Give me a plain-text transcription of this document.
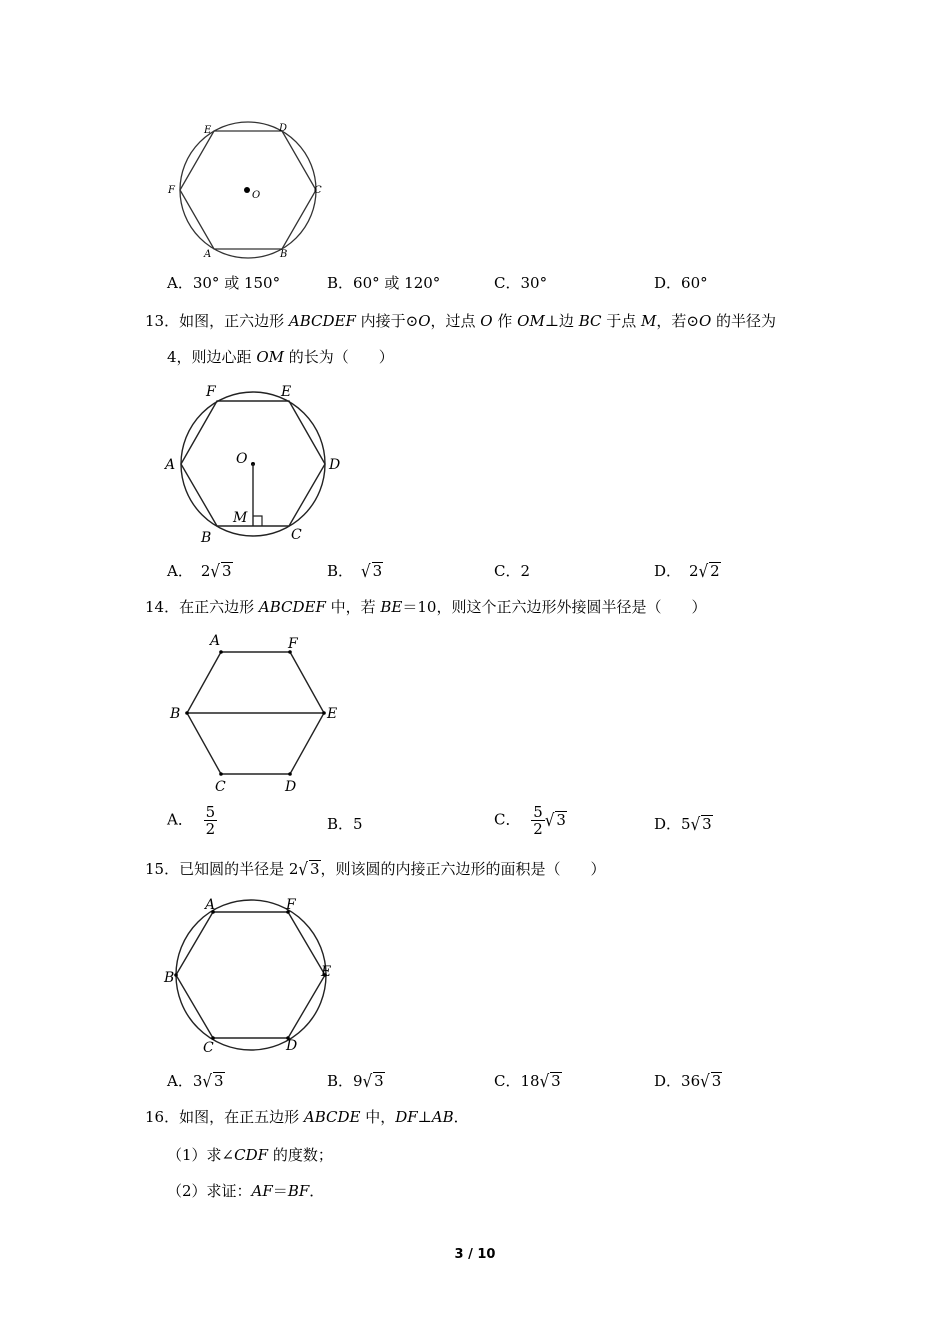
E	D
F	C
A	B
O
A．30° 或 150°	B．60° 或 120°	C．30°	D．60°
13．如图，正六边形 ABCDEF 内接于⊙O，过点 O 作 OM⊥边 BC 于点 M，若⊙O 的半径为
4，则边心距 OM 的长为（　　）
F	E
A	D
O
M
B	C
A． 2√ 3	B． √ 3	C．2	D． 2√ 2
14．在正六边形 ABCDEF 中，若 BE＝10，则这个正六边形外接圆半径是（　　）
A	F
B	E
C	D
A． $\frac{5}{2}$	B．5	C． $\frac{5}{2}$ √ 3	D．5√ 3
15．已知圆的半径是 2√ 3，则该圆的内接正六边形的面积是（　　）
A	F
B	E
C	D
A．3√ 3	B．9√ 3	C．18√ 3	D．36√ 3
16．如图，在正五边形 ABCDE 中，DF⊥AB．
（1）求∠CDF 的度数；
（2）求证：AF＝BF．
3 / 10
